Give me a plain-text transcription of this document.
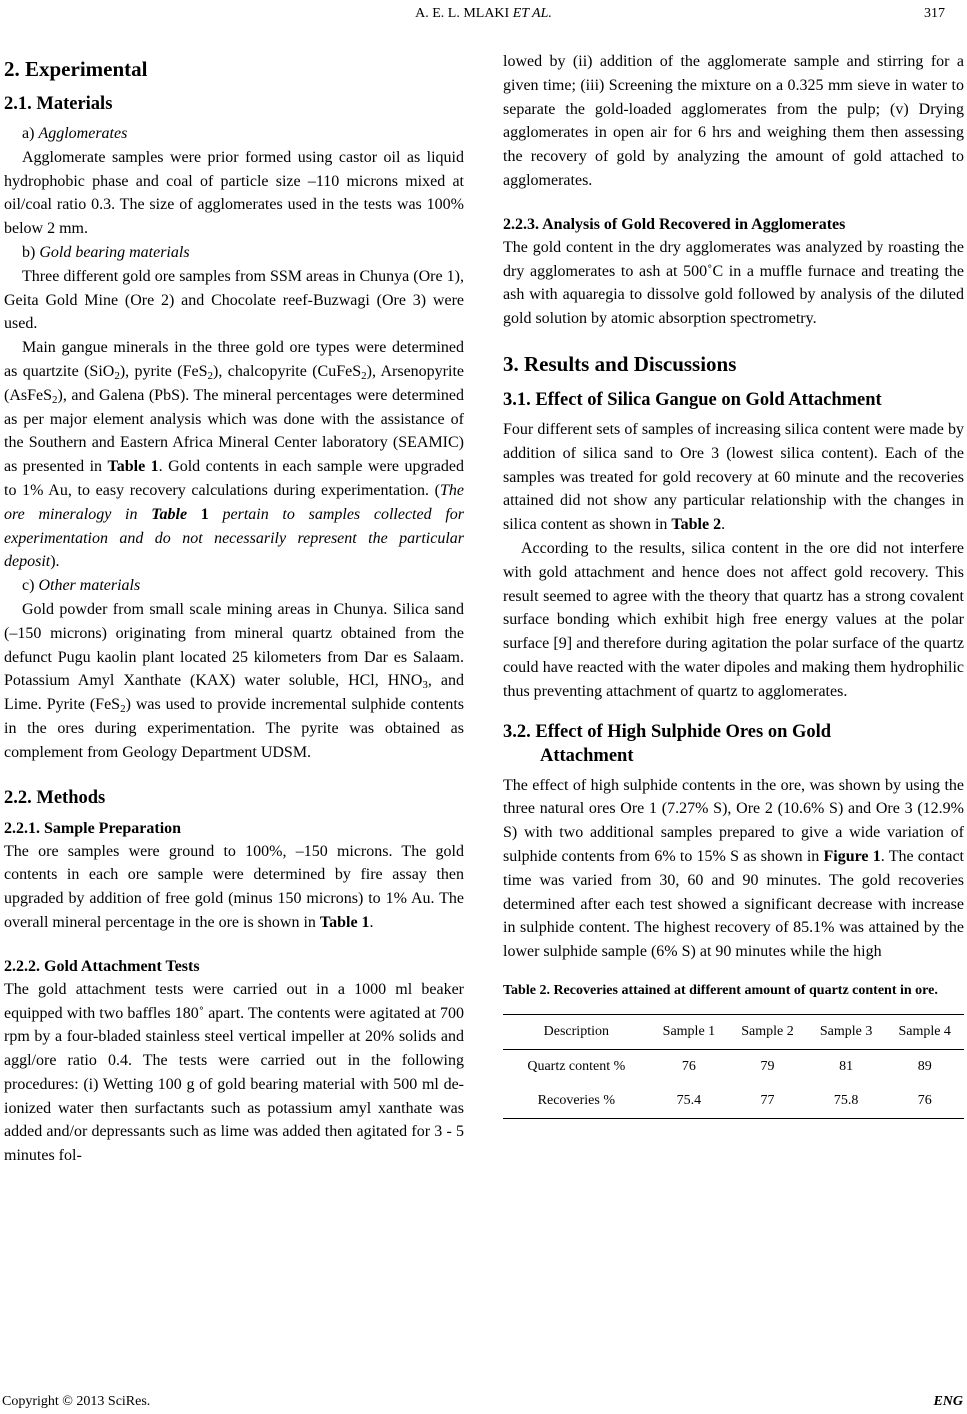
A. E. L. MLAKI ET AL.	317
2. Experimental
2.1. Materials

a) Agglomerates

Agglomerate samples were prior formed using castor oil as liquid hydrophobic phase and coal of particle size –110 microns mixed at oil/coal ratio 0.3. The size of agglomerates used in the tests was 100% below 2 mm.

b) Gold bearing materials

Three different gold ore samples from SSM areas in Chunya (Ore 1), Geita Gold Mine (Ore 2) and Chocolate reef-Buzwagi (Ore 3) were used.

Main gangue minerals in the three gold ore types were determined as quartzite (SiO$_2$), pyrite (FeS$_2$), chalcopyrite (CuFeS$_2$), Arsenopyrite (AsFeS$_2$), and Galena (PbS). The mineral percentages were determined as per major element analysis which was done with the assistance of the Southern and Eastern Africa Mineral Center laboratory (SEAMIC) as presented in Table 1. Gold contents in each sample were upgraded to 1% Au, to easy recovery calculations during experimentation. (The ore mineralogy in Table 1 pertain to samples collected for experimentation and do not necessarily represent the particular deposit).

c) Other materials

Gold powder from small scale mining areas in Chunya. Silica sand (–150 microns) originating from mineral quartz obtained from the defunct Pugu kaolin plant located 25 kilometers from Dar es Salaam. Potassium Amyl Xanthate (KAX) water soluble, HCl, $HNO_3$, and Lime. Pyrite (FeS$_2$) was used to provide incremental sulphide contents in the ores during experimentation. The pyrite was obtained as complement from Geology Department UDSM.

2.2. Methods
2.2.1. Sample Preparation

The ore samples were ground to 100%, –150 microns. The gold contents in each ore sample were determined by fire assay then upgraded by addition of free gold (minus 150 microns) to 1% Au. The overall mineral percentage in the ore is shown in Table 1.

2.2.2. Gold Attachment Tests

The gold attachment tests were carried out in a 1000 ml beaker equipped with two baffles 180˚ apart. The contents were agitated at 700 rpm by a four-bladed stainless steel vertical impeller at 20% solids and aggl/ore ratio 0.4. The tests were carried out in the following procedures: (i) Wetting 100 g of gold bearing material with 500 ml de-ionized water then surfactants such as potassium amyl xanthate was added and/or depressants such as lime was added then agitated for 3 - 5 minutes fol-

lowed by (ii) addition of the agglomerate sample and stirring for a given time; (iii) Screening the mixture on a 0.325 mm sieve in water to separate the gold-loaded agglomerates from the pulp; (v) Drying agglomerates in open air for 6 hrs and weighing them then assessing the recovery of gold by analyzing the amount of gold attached to agglomerates.

2.2.3. Analysis of Gold Recovered in Agglomerates

The gold content in the dry agglomerates was analyzed by roasting the dry agglomerates to ash at 500˚C in a muffle furnace and treating the ash with aquaregia to dissolve gold followed by analysis of the diluted gold solution by atomic absorption spectrometry.

3. Results and Discussions
3.1. Effect of Silica Gangue on Gold Attachment

Four different sets of samples of increasing silica content were made by addition of silica sand to Ore 3 (lowest silica content). Each of the samples was treated for gold recovery at 60 minute and the recoveries attained did not show any particular relationship with the changes in silica content as shown in Table 2.

According to the results, silica content in the ore did not interfere with gold attachment and hence does not affect gold recovery. This result seemed to agree with the theory that quartz has a strong covalent surface bonding which exhibit high free energy values at the polar surface [9] and therefore during agitation the polar surface of the quartz could have reacted with the water dipoles and making them hydrophilic thus preventing attachment of quartz to agglomerates.

3.2. Effect of High Sulphide Ores on Gold
Attachment

The effect of high sulphide contents in the ore, was shown by using the three natural ores Ore 1 (7.27% S), Ore 2 (10.6% S) and Ore 3 (12.9% S) with two additional samples prepared to give a wide variation of sulphide contents from 6% to 15% S as shown in Figure 1. The contact time was varied from 30, 60 and 90 minutes. The gold recoveries determined after each test showed a significant decrease with increase in sulphide content. The highest recovery of 85.1% was attained by the lower sulphide sample (6% S) at 90 minutes while the high

Table 2. Recoveries attained at different amount of quartz content in ore.
Description	Sample 1	Sample 2	Sample 3	Sample 4
Quartz content %	76	79	81	89
Recoveries %	75.4	77	75.8	76
Copyright © 2013 SciRes.	ENG
